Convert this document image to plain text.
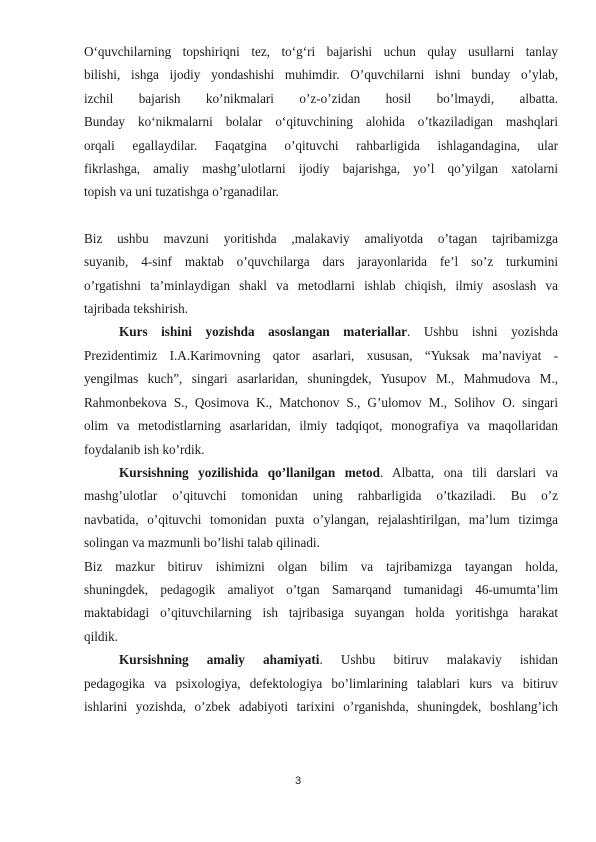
O‘quvchilarning topshiriqni tez, to‘g‘ri bajarishi uchun qulay usullarni tanlay
bilishi, ishga ijodiy yondashishi muhimdir. O’quvchilarni ishni bunday o’ylab,
izchil bajarish ko’nikmalari o’z-o’zidan hosil bo’lmaydi, albatta.
Bunday ko‘nikmalarni bolalar o‘qituvchining alohida o’tkaziladigan mashqlari
orqali egallaydilar. Faqatgina o’qituvchi rahbarligida ishlagandagina, ular
fikrlashga, amaliy mashg’ulotlarni ijodiy bajarishga, yo’l qo’yilgan xatolarni
topish va uni tuzatishga o’rganadilar.
Biz ushbu mavzuni yoritishda ,malakaviy amaliyotda o’tagan tajribamizga
suyanib, 4-sinf maktab o’quvchilarga dars jarayonlarida fe’l so’z turkumini
o’rgatishni ta’minlaydigan shakl va metodlarni ishlab chiqish, ilmiy asoslash va
tajribada tekshirish.
Kurs ishini yozishda asoslangan materiallar. Ushbu ishni yozishda
Prezidentimiz I.A.Karimovning qator asarlari, xususan, “Yuksak ma’naviyat -
yengilmas kuch”, singari asarlaridan, shuningdek, Yusupov M., Mahmudova M.,
Rahmonbekova S., Qosimova K., Matchonov S., G’ulomov M., Solihov O. singari
olim va metodistlarning asarlaridan, ilmiy tadqiqot, monografiya va maqollaridan
foydalanib ish ko’rdik.
Kursishning yozilishida qo’llanilgan metod. Albatta, ona tili darslari va
mashg’ulotlar o’qituvchi tomonidan uning rahbarligida o’tkaziladi. Bu o’z
navbatida, o’qituvchi tomonidan puxta o’ylangan, rejalashtirilgan, ma’lum tizimga
solingan va mazmunli bo’lishi talab qilinadi.
Biz mazkur bitiruv ishimizni olgan bilim va tajribamizga tayangan holda,
shuningdek, pedagogik amaliyot o’tgan Samarqand tumanidagi 46-umumta’lim
maktabidagi o’qituvchilarning ish tajribasiga suyangan holda yoritishga harakat
qildik.
Kursishning amaliy ahamiyati. Ushbu bitiruv malakaviy ishidan
pedagogika va psixologiya, defektologiya bo’limlarining talablari kurs va bitiruv
ishlarini yozishda, o’zbek adabiyoti tarixini o’rganishda, shuningdek, boshlang’ich
3
